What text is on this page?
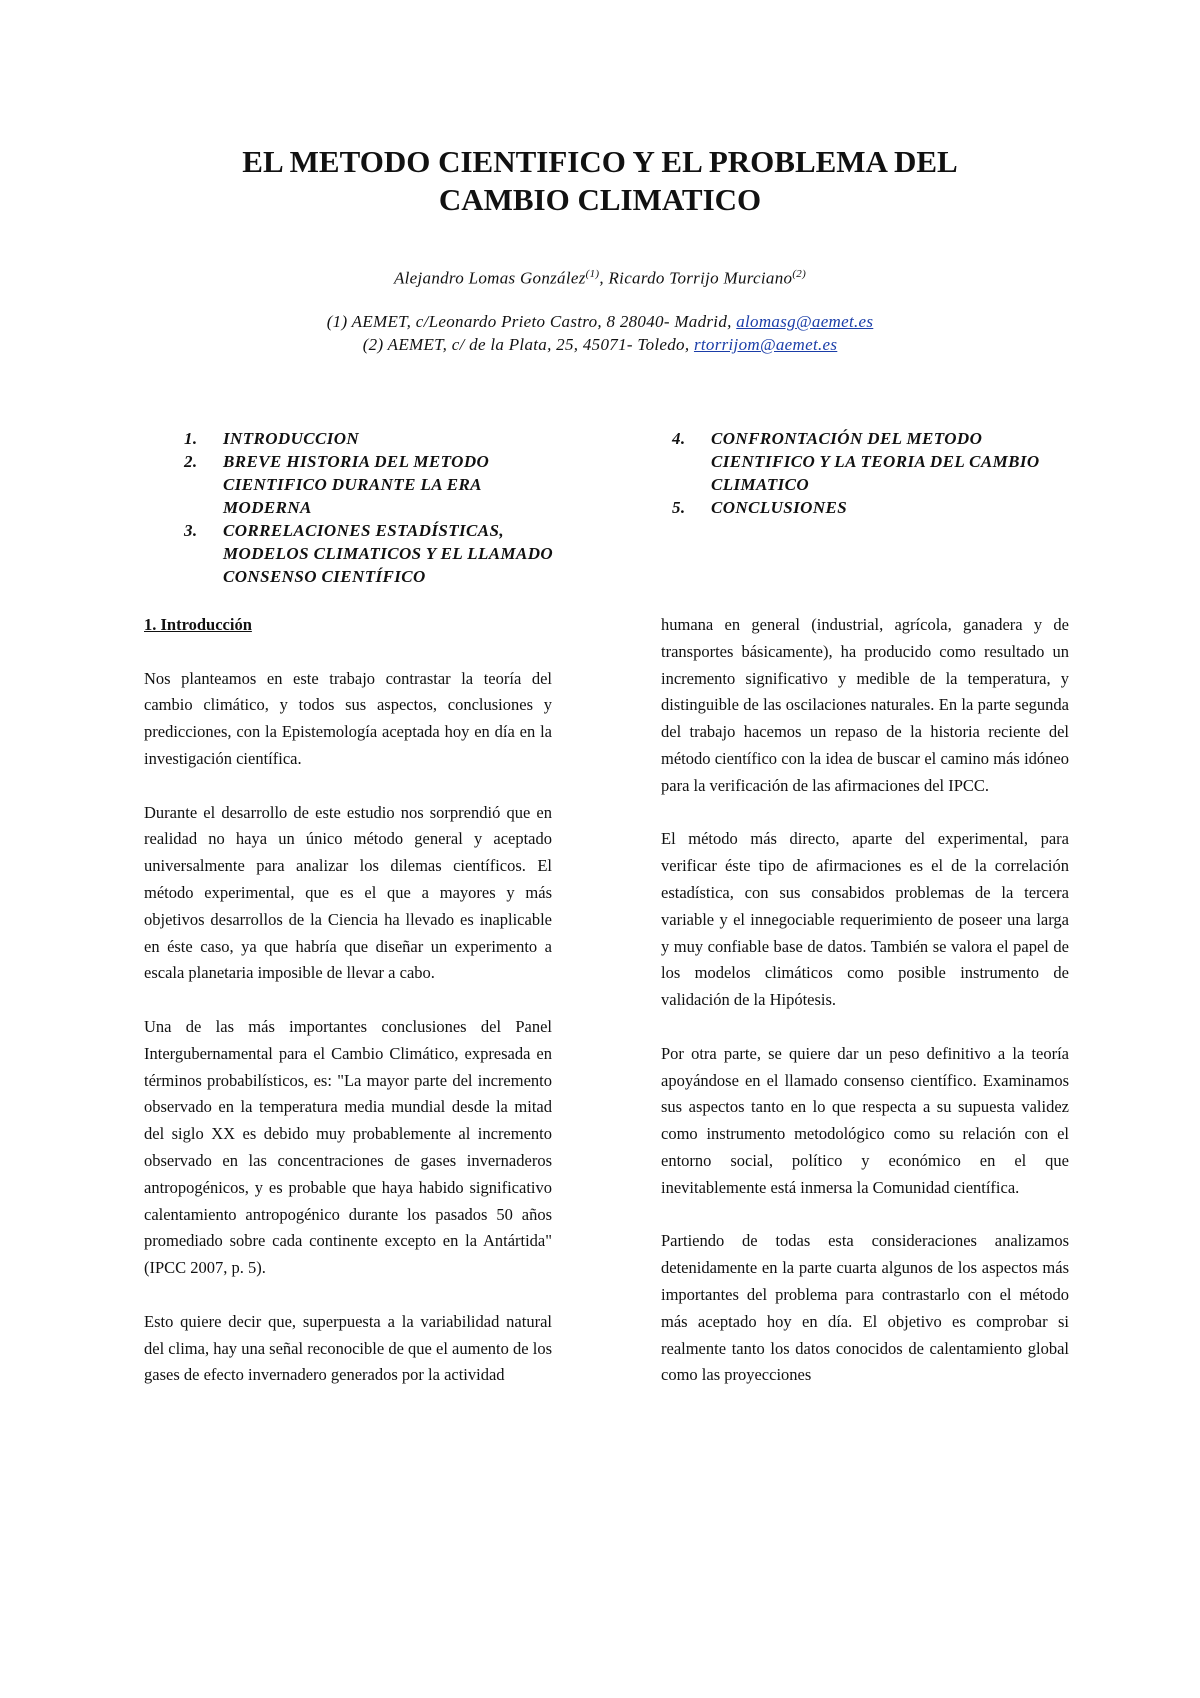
EL METODO CIENTIFICO Y EL PROBLEMA DEL
CAMBIO CLIMATICO
Alejandro Lomas González$^{(1)}$, Ricardo Torrijo Murciano$^{(2)}$
(1) AEMET, c/Leonardo Prieto Castro, 8 28040- Madrid, alomasg@aemet.es
(2) AEMET, c/ de la Plata, 25, 45071- Toledo, rtorrijom@aemet.es
1. INTRODUCCION
2. BREVE HISTORIA DEL METODO CIENTIFICO DURANTE LA ERA MODERNA
3. CORRELACIONES ESTADÍSTICAS, MODELOS CLIMATICOS Y EL LLAMADO CONSENSO CIENTÍFICO
4. CONFRONTACIÓN DEL METODO CIENTIFICO Y LA TEORIA DEL CAMBIO CLIMATICO
5. CONCLUSIONES
1. Introducción

Nos planteamos en este trabajo contrastar la teoría del cambio climático, y todos sus aspectos, conclusiones y predicciones, con la Epistemología aceptada hoy en día en la investigación científica.

Durante el desarrollo de este estudio nos sorprendió que en realidad no haya un único método general y aceptado universalmente para analizar los dilemas científicos. El método experimental, que es el que a mayores y más objetivos desarrollos de la Ciencia ha llevado es inaplicable en éste caso, ya que habría que diseñar un experimento a escala planetaria imposible de llevar a cabo.

Una de las más importantes conclusiones del Panel Intergubernamental para el Cambio Climático, expresada en términos probabilísticos, es: "La mayor parte del incremento observado en la temperatura media mundial desde la mitad del siglo XX es debido muy probablemente al incremento observado en las concentraciones de gases invernaderos antropogénicos, y es probable que haya habido significativo calentamiento antropogénico durante los pasados 50 años promediado sobre cada continente excepto en la Antártida" (IPCC 2007, p. 5).

Esto quiere decir que, superpuesta a la variabilidad natural del clima, hay una señal reconocible de que el aumento de los gases de efecto invernadero generados por la actividad

humana en general (industrial, agrícola, ganadera y de transportes básicamente), ha producido como resultado un incremento significativo y medible de la temperatura, y distinguible de las oscilaciones naturales. En la parte segunda del trabajo hacemos un repaso de la historia reciente del método científico con la idea de buscar el camino más idóneo para la verificación de las afirmaciones del IPCC.

El método más directo, aparte del experimental, para verificar éste tipo de afirmaciones es el de la correlación estadística, con sus consabidos problemas de la tercera variable y el innegociable requerimiento de poseer una larga y muy confiable base de datos. También se valora el papel de los modelos climáticos como posible instrumento de validación de la Hipótesis.

Por otra parte, se quiere dar un peso definitivo a la teoría apoyándose en el llamado consenso científico. Examinamos sus aspectos tanto en lo que respecta a su supuesta validez como instrumento metodológico como su relación con el entorno social, político y económico en el que inevitablemente está inmersa la Comunidad científica.

Partiendo de todas esta consideraciones analizamos detenidamente en la parte cuarta algunos de los aspectos más importantes del problema para contrastarlo con el método más aceptado hoy en día. El objetivo es comprobar si realmente tanto los datos conocidos de calentamiento global como las proyecciones
